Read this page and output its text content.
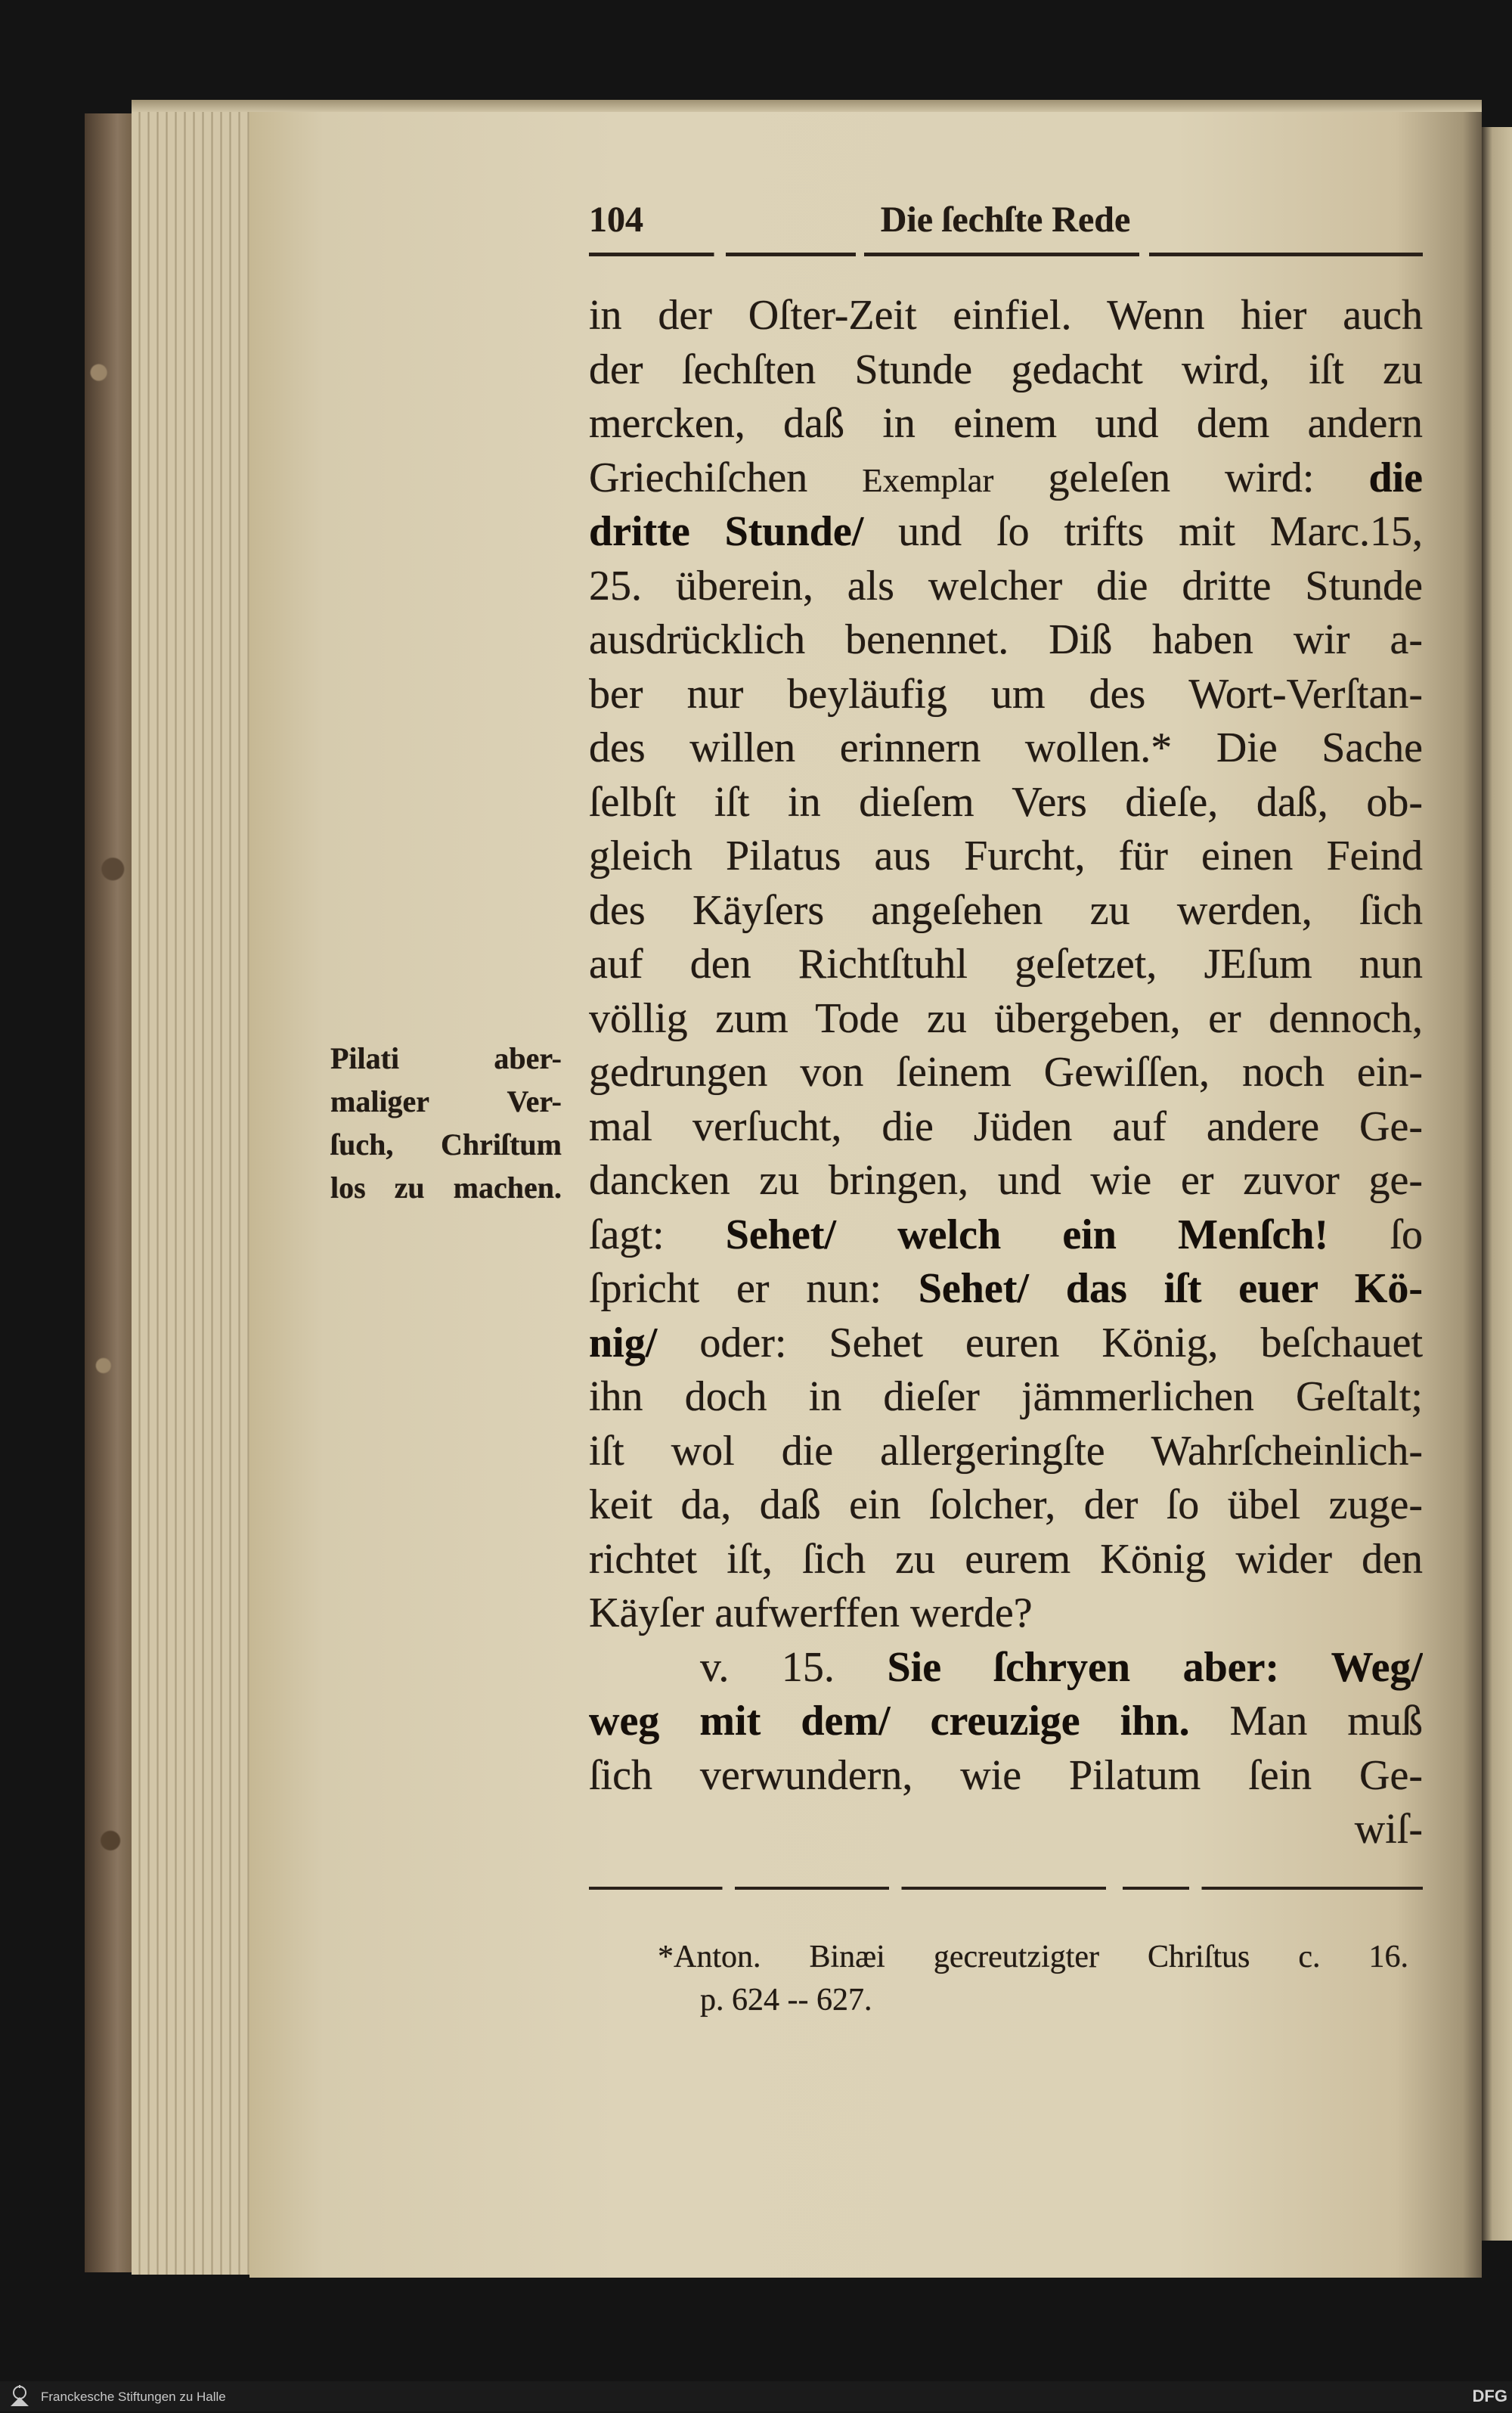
104	Die ſechſte Rede
in der Oſter-Zeit einfiel. Wenn hier auch
der ſechſten Stunde gedacht wird, iſt zu
mercken, daß in einem und dem andern
Griechiſchen Exemplar geleſen wird: die
dritte Stunde/ und ſo trifts mit Marc.15,
25. überein, als welcher die dritte Stunde
ausdrücklich benennet. Diß haben wir a-
ber nur beyläufig um des Wort-Verſtan-
des willen erinnern wollen.* Die Sache
ſelbſt iſt in dieſem Vers dieſe, daß, ob-
gleich Pilatus aus Furcht, für einen Feind
des Käyſers angeſehen zu werden, ſich
auf den Richtſtuhl geſetzet, JEſum nun
völlig zum Tode zu übergeben, er dennoch,
gedrungen von ſeinem Gewiſſen, noch ein-
mal verſucht, die Jüden auf andere Ge-
dancken zu bringen, und wie er zuvor ge-
ſagt: Sehet/ welch ein Menſch! ſo
ſpricht er nun: Sehet/ das iſt euer Kö-
nig/ oder: Sehet euren König, beſchauet
ihn doch in dieſer jämmerlichen Geſtalt;
iſt wol die allergeringſte Wahrſcheinlich-
keit da, daß ein ſolcher, der ſo übel zuge-
richtet iſt, ſich zu eurem König wider den
Käyſer aufwerffen werde?
v. 15. Sie ſchryen aber: Weg/
weg mit dem/ creuzige ihn. Man muß
ſich verwundern, wie Pilatum ſein Ge-
wiſ-
Pilati aber-
maliger Ver-
ſuch, Chriſtum
los zu machen.
*Anton. Binæi gecreutzigter Chriſtus c. 16.
p. 624 -- 627.
Franckesche Stiftungen zu Halle	DFG
